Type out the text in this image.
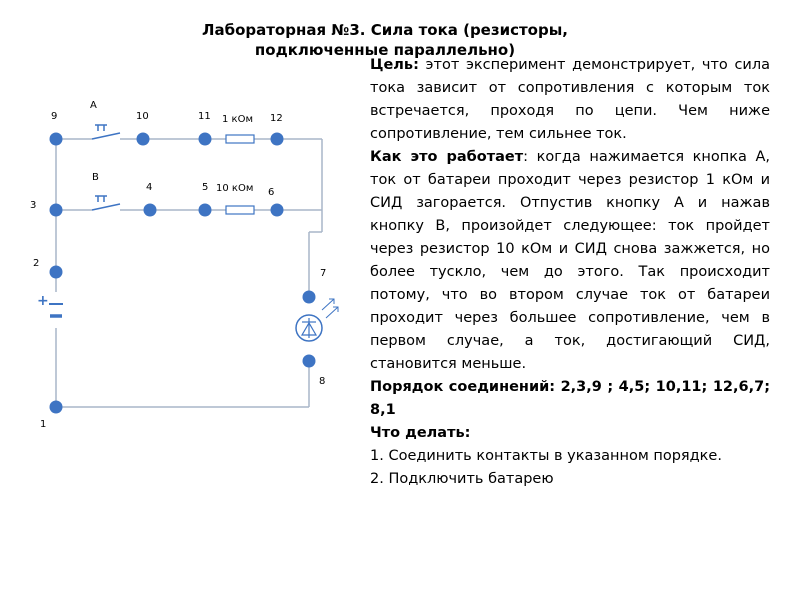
+
9
A
10	11 1 кОм 12
B
4	5 10 кОм 6
3
2
7
8
1
Лабораторная №3. Сила тока (резисторы,
подключенные параллельно)

Цель: этот эксперимент демонстрирует, что сила тока зависит от сопротивления с которым ток встречается, проходя по цепи. Чем ниже сопротивление, тем сильнее ток.

Как это работает: когда нажимается кнопка А, ток от батареи проходит через резистор 1 кОм и СИД загорается. Отпустив кнопку А и нажав кнопку В, произойдет следующее: ток пройдет через резистор 10 кОм и СИД снова зажжется, но более тускло, чем до этого. Так происходит потому, что во втором случае ток от батареи проходит через большее сопротивление, чем в первом случае, а ток, достигающий СИД, становится меньше.

Порядок соединений: 2,3,9 ; 4,5; 10,11; 12,6,7; 8,1

Что делать:

1. Соединить контакты в указанном порядке.

2. Подключить батарею
